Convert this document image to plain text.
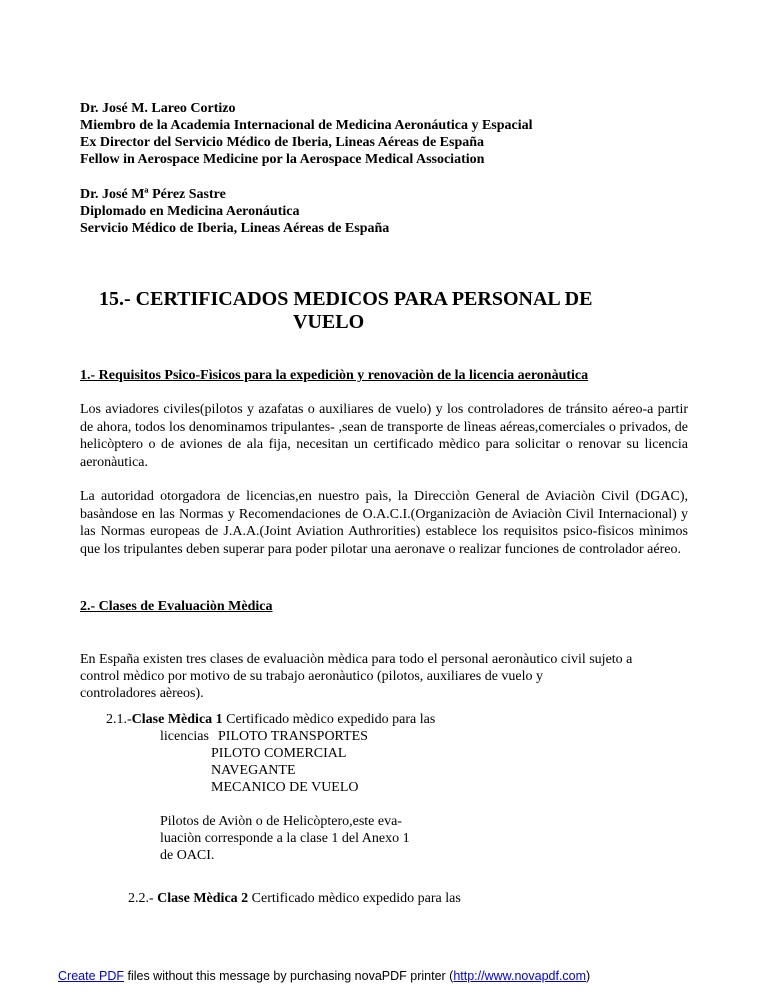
Dr. José M. Lareo Cortizo
Miembro de la Academia Internacional de Medicina Aeronáutica y Espacial
Ex Director del Servicio Médico de Iberia, Lineas Aéreas de España
Fellow in Aerospace Medicine por la Aerospace Medical Association
Dr. José Mª Pérez Sastre
Diplomado en Medicina Aeronáutica
Servicio Médico de Iberia, Lineas Aéreas de España
15.- CERTIFICADOS MEDICOS PARA PERSONAL DE
VUELO
1.- Requisitos Psico-Fìsicos para la expediciòn y renovaciòn de la licencia aeronàutica
Los aviadores civiles(pilotos y azafatas o auxiliares de vuelo) y los controladores de tránsito aéreo-a partir de ahora, todos los denominamos tripulantes- ,sean de transporte de lìneas aéreas,comerciales o privados, de helicòptero o de aviones de ala fija, necesitan un certificado mèdico para solicitar o renovar su licencia aeronàutica.
La autoridad otorgadora de licencias,en nuestro paìs, la Direcciòn General de Aviaciòn Civil (DGAC), basàndose en las Normas y Recomendaciones de O.A.C.I.(Organizaciòn de Aviaciòn Civil Internacional) y las Normas europeas de J.A.A.(Joint Aviation Authrorities) establece los requisitos psico-fìsicos mìnimos que los tripulantes deben superar para poder pilotar una aeronave o realizar funciones de controlador aéreo.
2.- Clases de Evaluaciòn Mèdica
En España existen tres clases de evaluaciòn mèdica para todo el personal aeronàutico civil sujeto a
control mèdico por motivo de su trabajo aeronàutico (pilotos, auxiliares de vuelo y
controladores aèreos).
2.1.-Clase Mèdica 1 Certificado mèdico expedido para las
licencias PILOTO TRANSPORTES
PILOTO COMERCIAL
NAVEGANTE
MECANICO DE VUELO
Pilotos de Aviòn o de Helicòptero,este eva-
luaciòn corresponde a la clase 1 del Anexo 1
de OACI.
2.2.- Clase Mèdica 2 Certificado mèdico expedido para las
Create PDF files without this message by purchasing novaPDF printer (http://www.novapdf.com)
